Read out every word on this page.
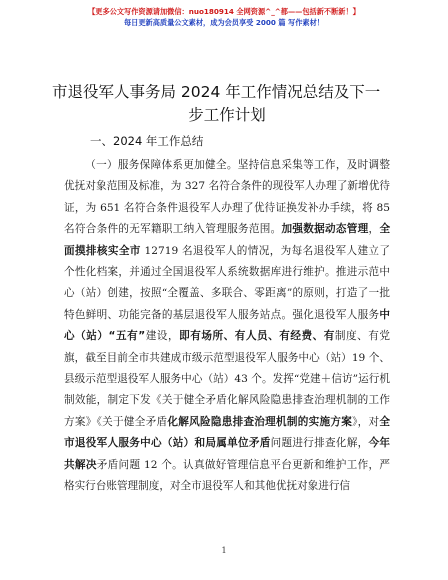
【更多公文写作资源请加微信：nuo180914 全网资源^_^都——包括新不断新！】
每日更新高质量公文素材，成为会员享受 2000 篇 写作素材！
市退役军人事务局 2024 年工作情况总结及下一
步工作计划
一、2024 年工作总结
（一）服务保障体系更加健全。坚持信息采集等工作，及时调整优抚对象范围及标准，为 327 名符合条件的现役军人办理了新增优待证，为 651 名符合条件退役军人办理了优待证换发补办手续，将 85 名符合条件的无军籍职工纳入管理服务范围。加强数据动态管理，全面摸排核实全市 12719 名退役军人的情况，为每名退役军人建立了个性化档案，并通过全国退役军人系统数据库进行维护。推进示范中心（站）创建，按照“全覆盖、多联合、零距离”的原则，打造了一批特色鲜明、功能完备的基层退役军人服务站点。强化退役军人服务中心（站）“五有”建设，即有场所、有人员、有经费、有制度、有党旗，截至目前全市共建成市级示范型退役军人服务中心（站）19 个、县级示范型退役军人服务中心（站）43 个。发挥“党建＋信访”运行机制效能，制定下发《关于健全矛盾化解风险隐患排查治理机制的工作方案》《关于健全矛盾化解风险隐患排查治理机制的实施方案》，对全市退役军人服务中心（站）和局属单位矛盾问题进行排查化解，今年共解决矛盾问题 12 个。认真做好管理信息平台更新和维护工作，严格实行台账管理制度，对全市退役军人和其他优抚对象进行信
1
